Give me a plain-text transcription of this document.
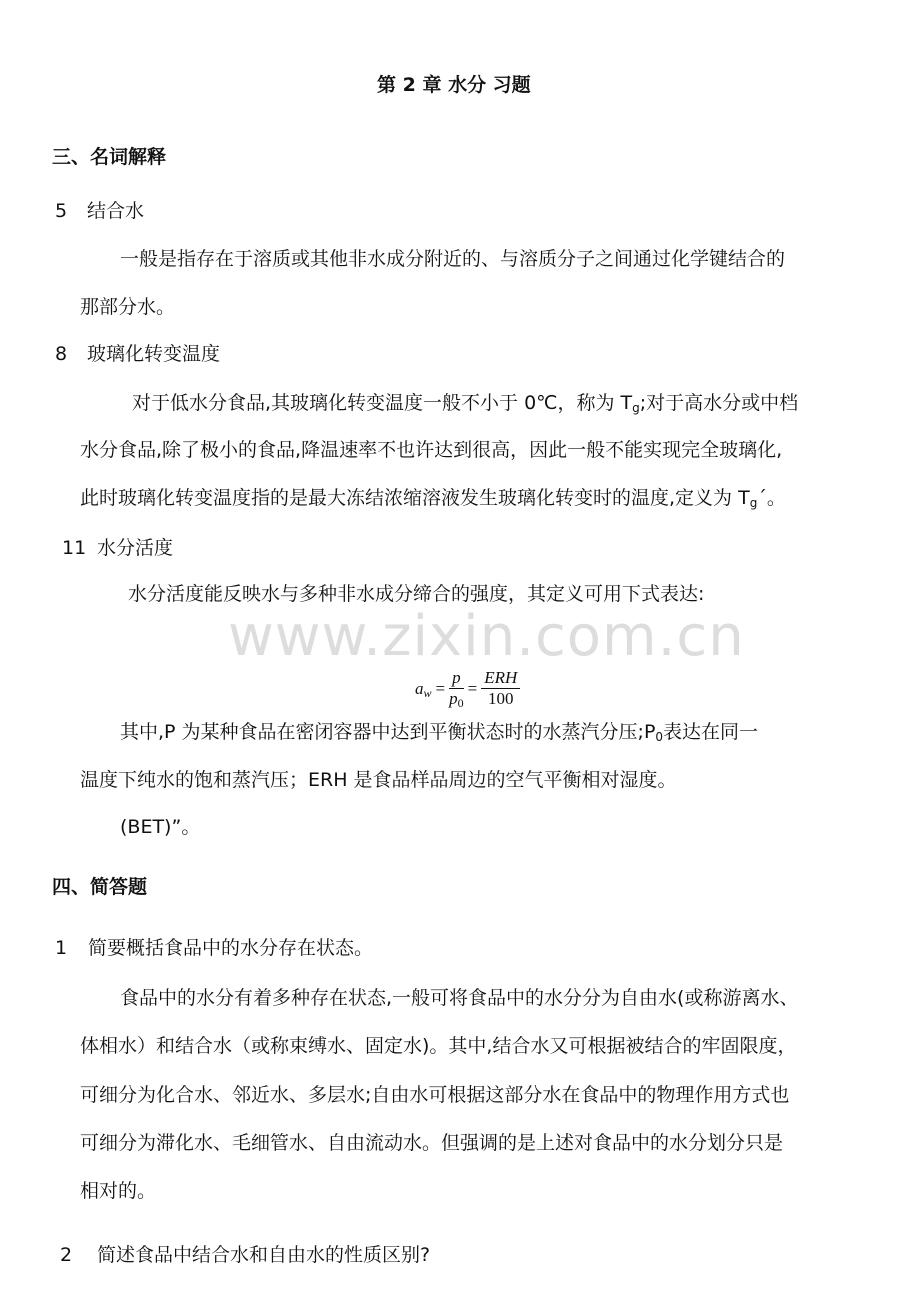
www.zixin.com.cn
第 2 章 水分 习题
三、名词解释
5 结合水
一般是指存在于溶质或其他非水成分附近的、与溶质分子之间通过化学键结合的
那部分水。
8 玻璃化转变温度
对于低水分食品,其玻璃化转变温度一般不小于 0℃，称为 $T_g$;对于高水分或中档
水分食品,除了极小的食品,降温速率不也许达到很高，因此一般不能实现完全玻璃化,
此时玻璃化转变温度指的是最大冻结浓缩溶液发生玻璃化转变时的温度,定义为 $T_g´$。
11 水分活度
水分活度能反映水与多种非水成分缔合的强度，其定义可用下式表达:
$a_w = \frac{p}{p_0} = \frac{\text{ERH}}{100}$
其中,P 为某种食品在密闭容器中达到平衡状态时的水蒸汽分压$;P_0$表达在同一
温度下纯水的饱和蒸汽压；ERH 是食品样品周边的空气平衡相对湿度。
(BET)”。
四、简答题
1 简要概括食品中的水分存在状态。
食品中的水分有着多种存在状态,一般可将食品中的水分分为自由水(或称游离水、
体相水）和结合水（或称束缚水、固定水)。其中,结合水又可根据被结合的牢固限度，
可细分为化合水、邻近水、多层水;自由水可根据这部分水在食品中的物理作用方式也
可细分为滞化水、毛细管水、自由流动水。但强调的是上述对食品中的水分划分只是
相对的。
2 简述食品中结合水和自由水的性质区别?
